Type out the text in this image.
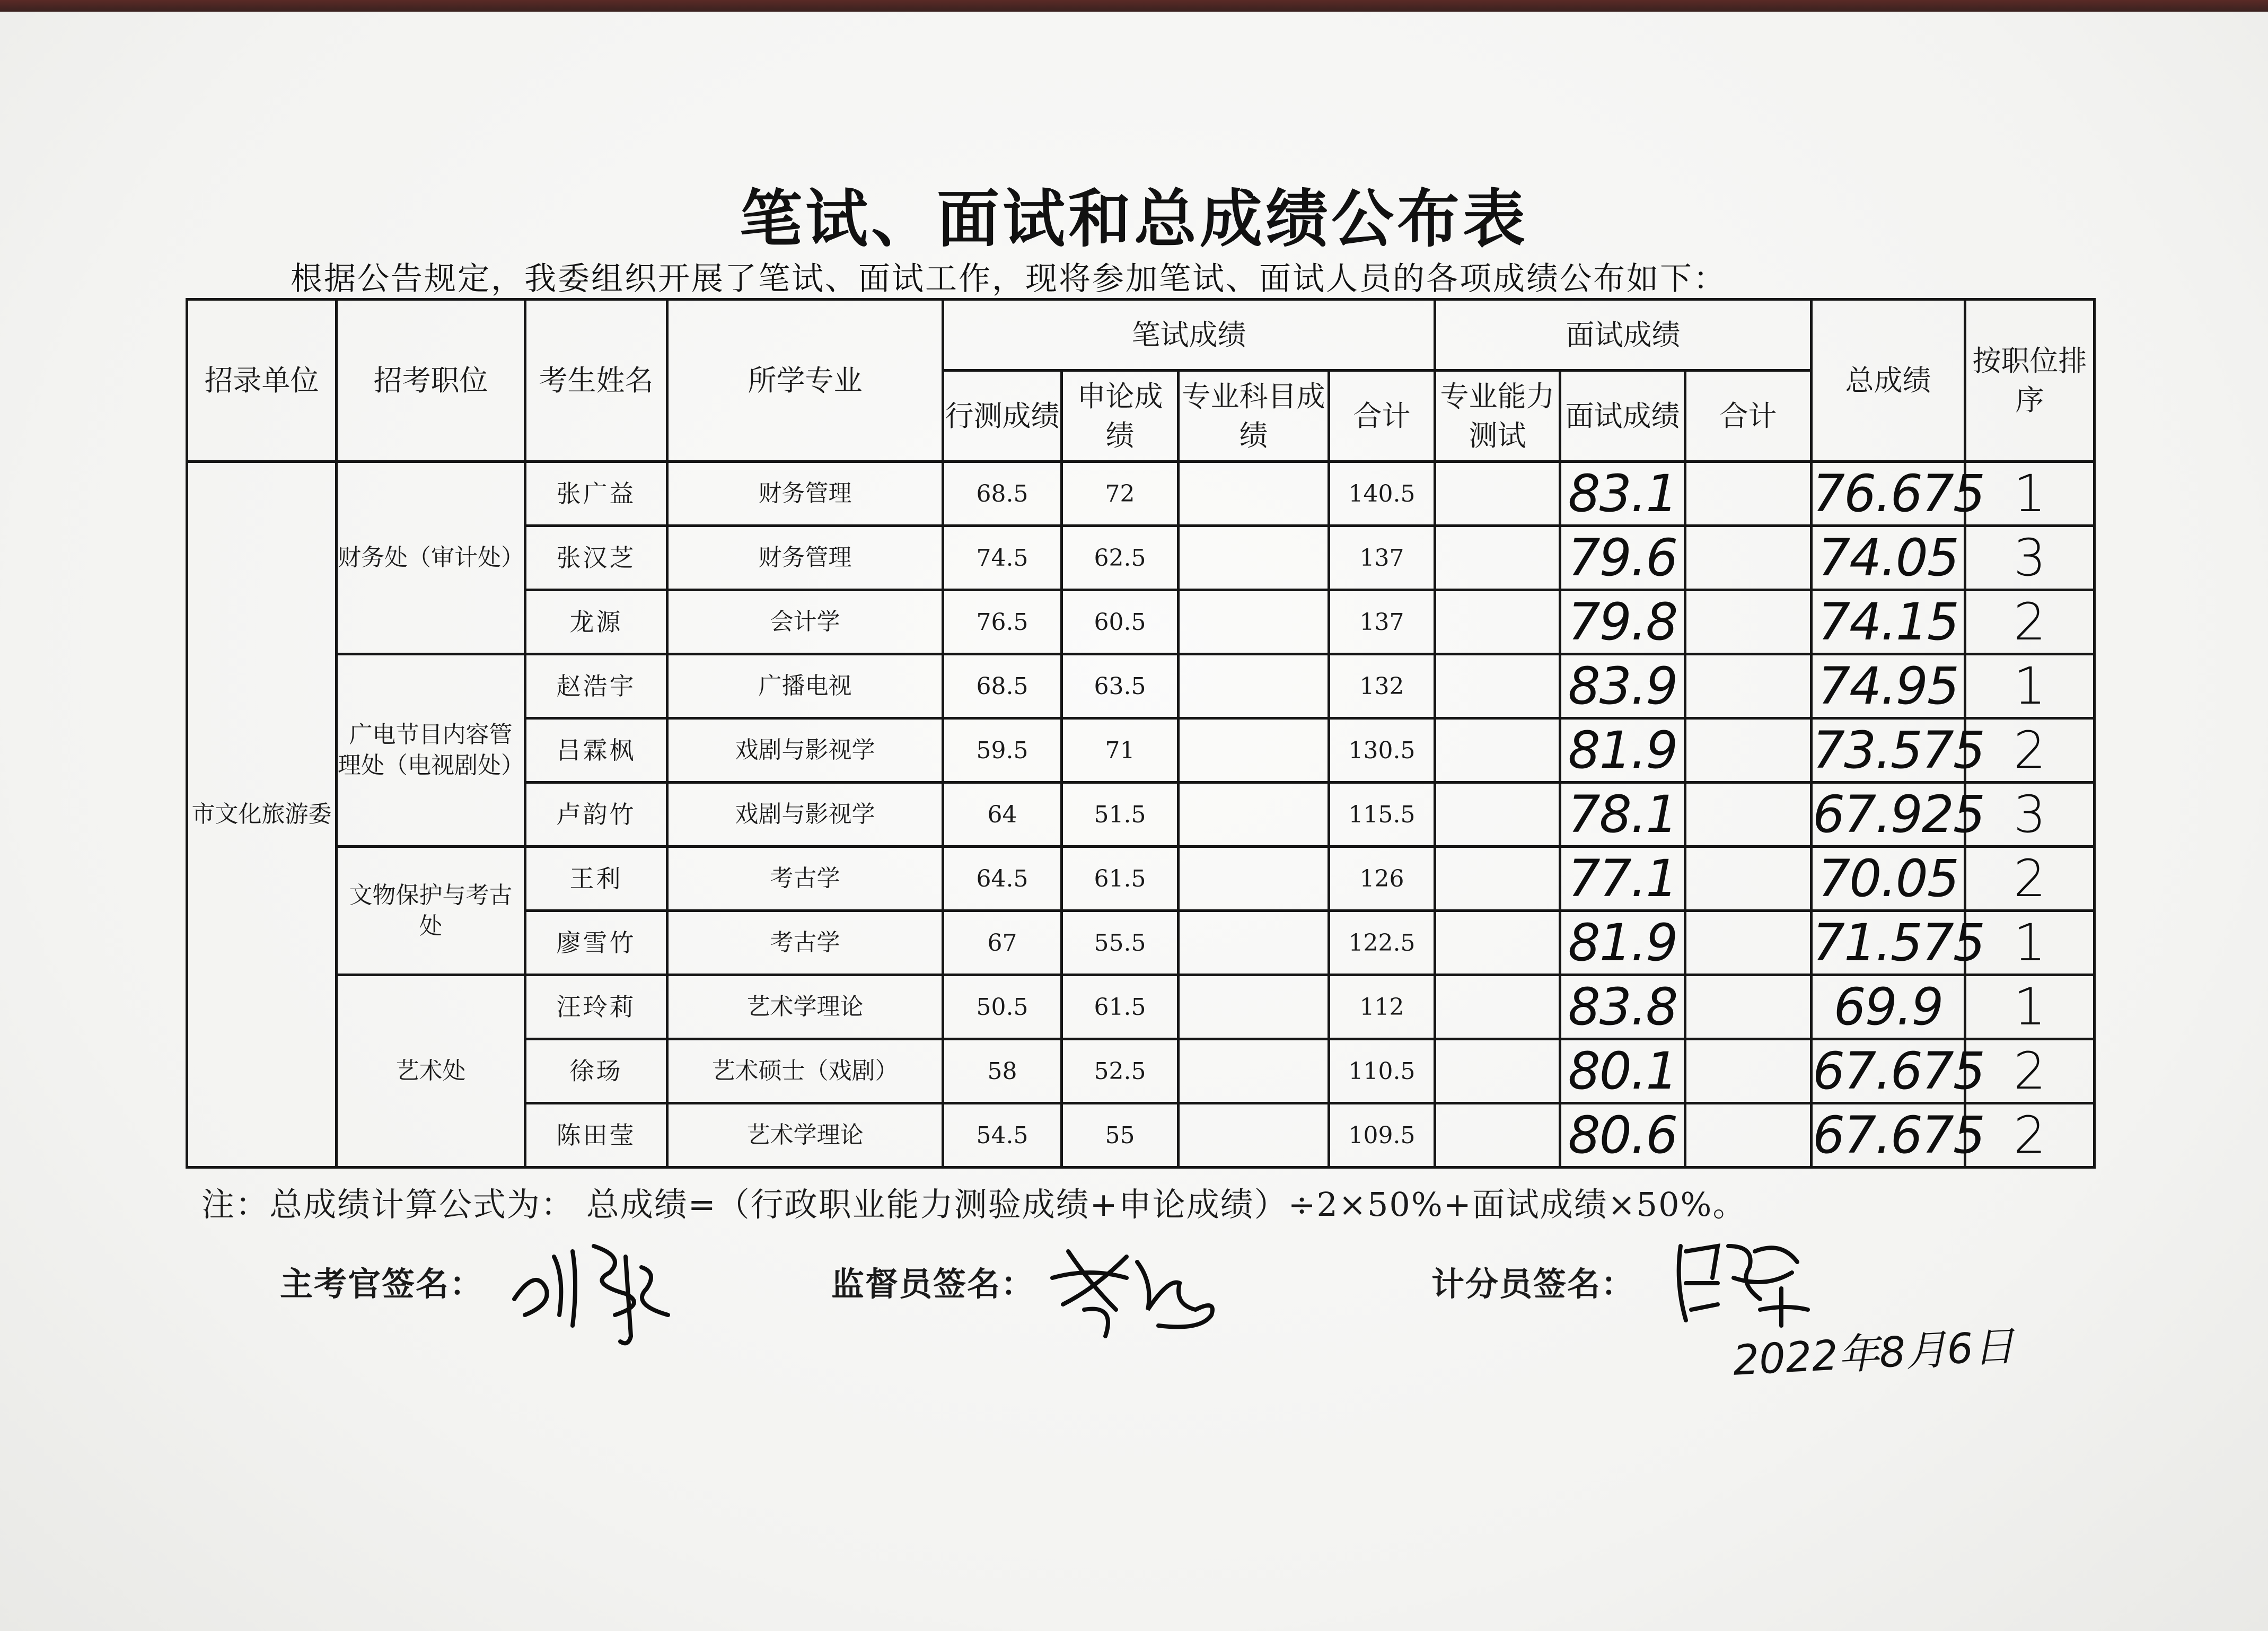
笔试、面试和总成绩公布表
根据公告规定，我委组织开展了笔试、面试工作，现将参加笔试、面试人员的各项成绩公布如下：
招录单位	招考职位	考生姓名	所学专业	笔试成绩				面试成绩			总成绩	按职位排序
				行测成绩	申论成绩	专业科目成绩	合计	专业能力测试	面试成绩	合计		
市文化旅游委	财务处（审计处）	张广益	财务管理	68.5	72		140.5		83.1		76.675	1
		张汉芝	财务管理	74.5	62.5		137		79.6		74.05	3
		龙源	会计学	76.5	60.5		137		79.8		74.15	2
	广电节目内容管理处（电视剧处）	赵浩宇	广播电视	68.5	63.5		132		83.9		74.95	1
		吕霖枫	戏剧与影视学	59.5	71		130.5		81.9		73.575	2
		卢韵竹	戏剧与影视学	64	51.5		115.5		78.1		67.925	3
	文物保护与考古处	王利	考古学	64.5	61.5		126		77.1		70.05	2
		廖雪竹	考古学	67	55.5		122.5		81.9		71.575	1
	艺术处	汪玲莉	艺术学理论	50.5	61.5		112		83.8		69.9	1
		徐玚	艺术硕士（戏剧）	58	52.5		110.5		80.1		67.675	2
		陈田莹	艺术学理论	54.5	55		109.5		80.6		67.675	2
注：总成绩计算公式为： 总成绩=（行政职业能力测验成绩+申论成绩）÷2×50%+面试成绩×50%。
主考官签名：	监督员签名：	计分员签名：
2022年8月6日
